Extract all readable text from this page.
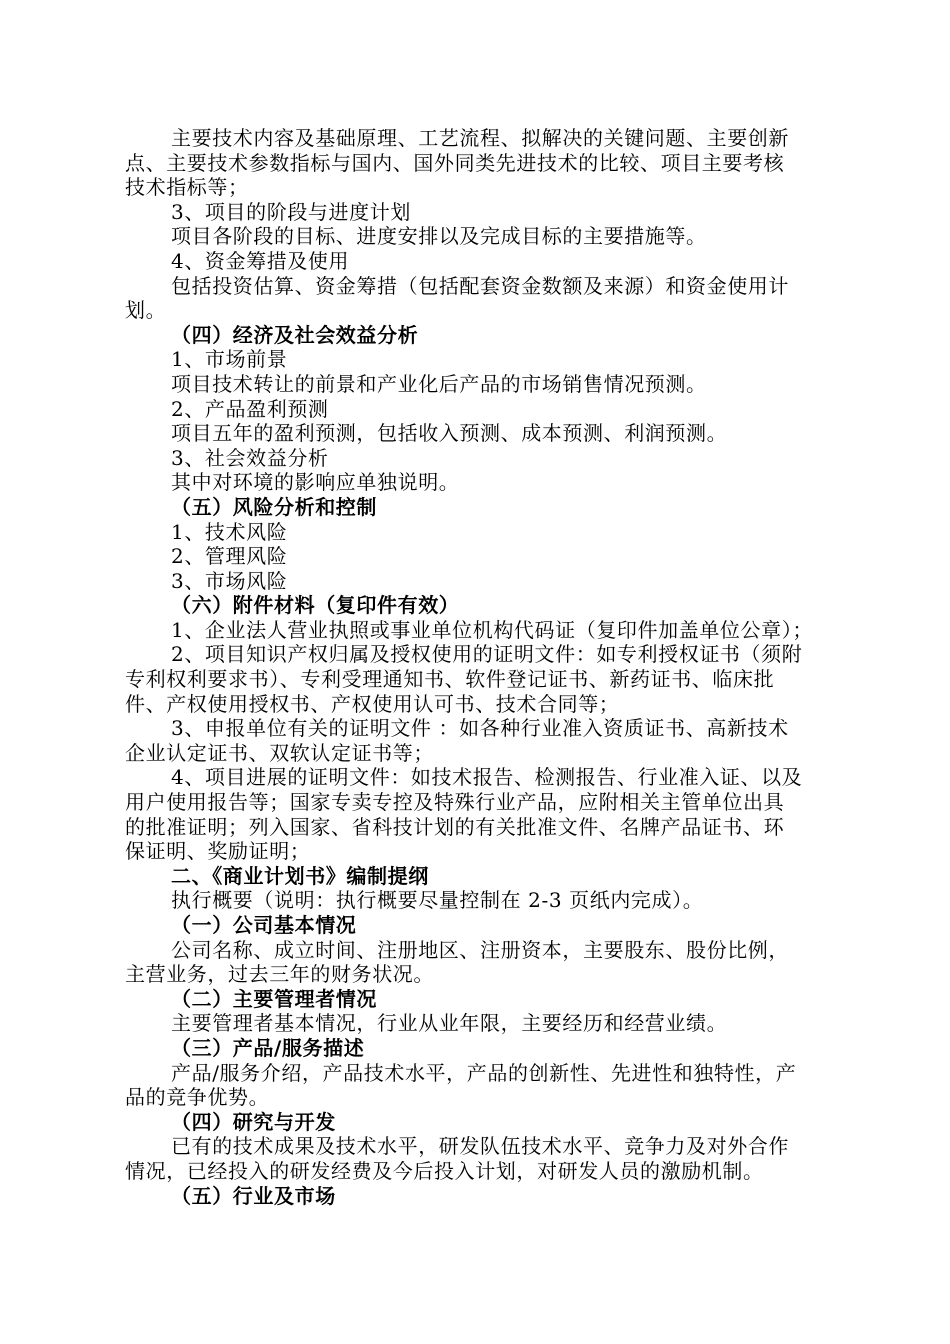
主要技术内容及基础原理、工艺流程、拟解决的关键问题、主要创新
点、主要技术参数指标与国内、国外同类先进技术的比较、项目主要考核
技术指标等；
3、项目的阶段与进度计划
项目各阶段的目标、进度安排以及完成目标的主要措施等。
4、资金筹措及使用
包括投资估算、资金筹措（包括配套资金数额及来源）和资金使用计
划。
（四）经济及社会效益分析
1、市场前景
项目技术转让的前景和产业化后产品的市场销售情况预测。
2、产品盈利预测
项目五年的盈利预测，包括收入预测、成本预测、利润预测。
3、社会效益分析
其中对环境的影响应单独说明。
（五）风险分析和控制
1、技术风险
2、管理风险
3、市场风险
（六）附件材料（复印件有效）
1、企业法人营业执照或事业单位机构代码证（复印件加盖单位公章）；
2、项目知识产权归属及授权使用的证明文件：如专利授权证书（须附
专利权利要求书）、专利受理通知书、软件登记证书、新药证书、临床批
件、产权使用授权书、产权使用认可书、技术合同等；
3、申报单位有关的证明文件 ：如各种行业准入资质证书、高新技术
企业认定证书、双软认定证书等；
4、项目进展的证明文件：如技术报告、检测报告、行业准入证、以及
用户使用报告等；国家专卖专控及特殊行业产品，应附相关主管单位出具
的批准证明；列入国家、省科技计划的有关批准文件、名牌产品证书、环
保证明、奖励证明；
二、《商业计划书》编制提纲
执行概要（说明：执行概要尽量控制在 2-3 页纸内完成）。
（一）公司基本情况
公司名称、成立时间、注册地区、注册资本，主要股东、股份比例，
主营业务，过去三年的财务状况。
（二）主要管理者情况
主要管理者基本情况，行业从业年限，主要经历和经营业绩。
（三）产品/服务描述
产品/服务介绍，产品技术水平，产品的创新性、先进性和独特性，产
品的竞争优势。
（四）研究与开发
已有的技术成果及技术水平，研发队伍技术水平、竞争力及对外合作
情况，已经投入的研发经费及今后投入计划，对研发人员的激励机制。
（五）行业及市场
